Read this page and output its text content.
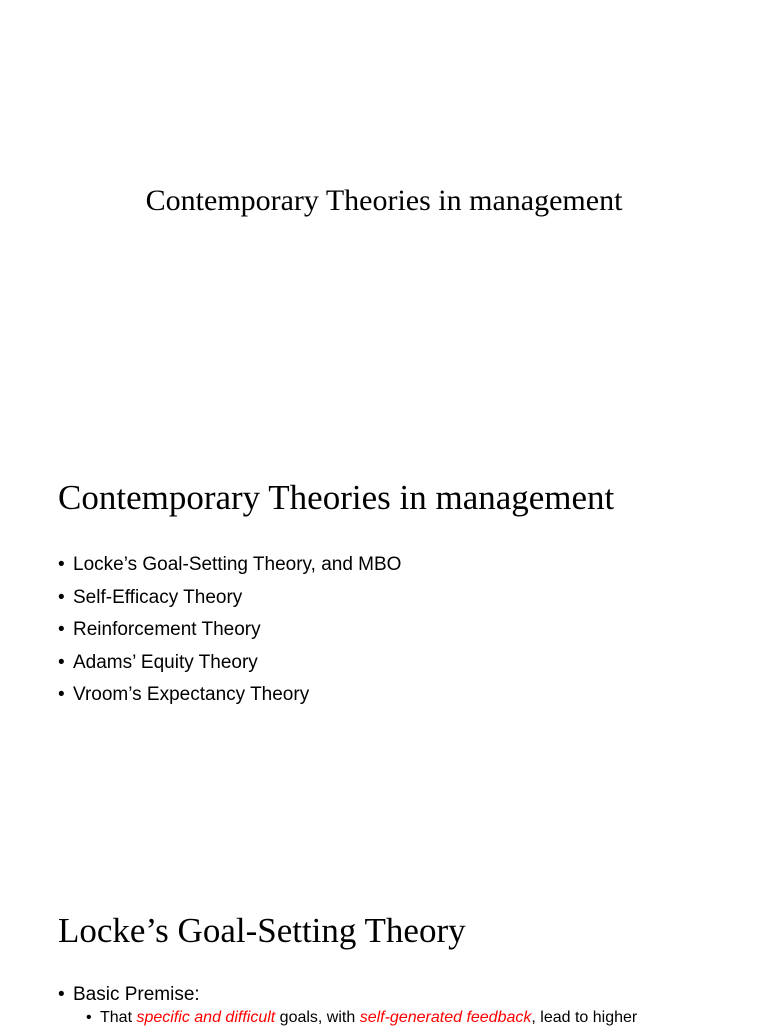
Contemporary Theories in management
Contemporary Theories in management
• Locke’s Goal-Setting Theory, and MBO
• Self-Efficacy Theory
• Reinforcement Theory
• Adams’ Equity Theory
• Vroom’s Expectancy Theory
Locke’s Goal-Setting Theory
• Basic Premise:
• That specific and difficult goals, with self-generated feedback, lead to higher
